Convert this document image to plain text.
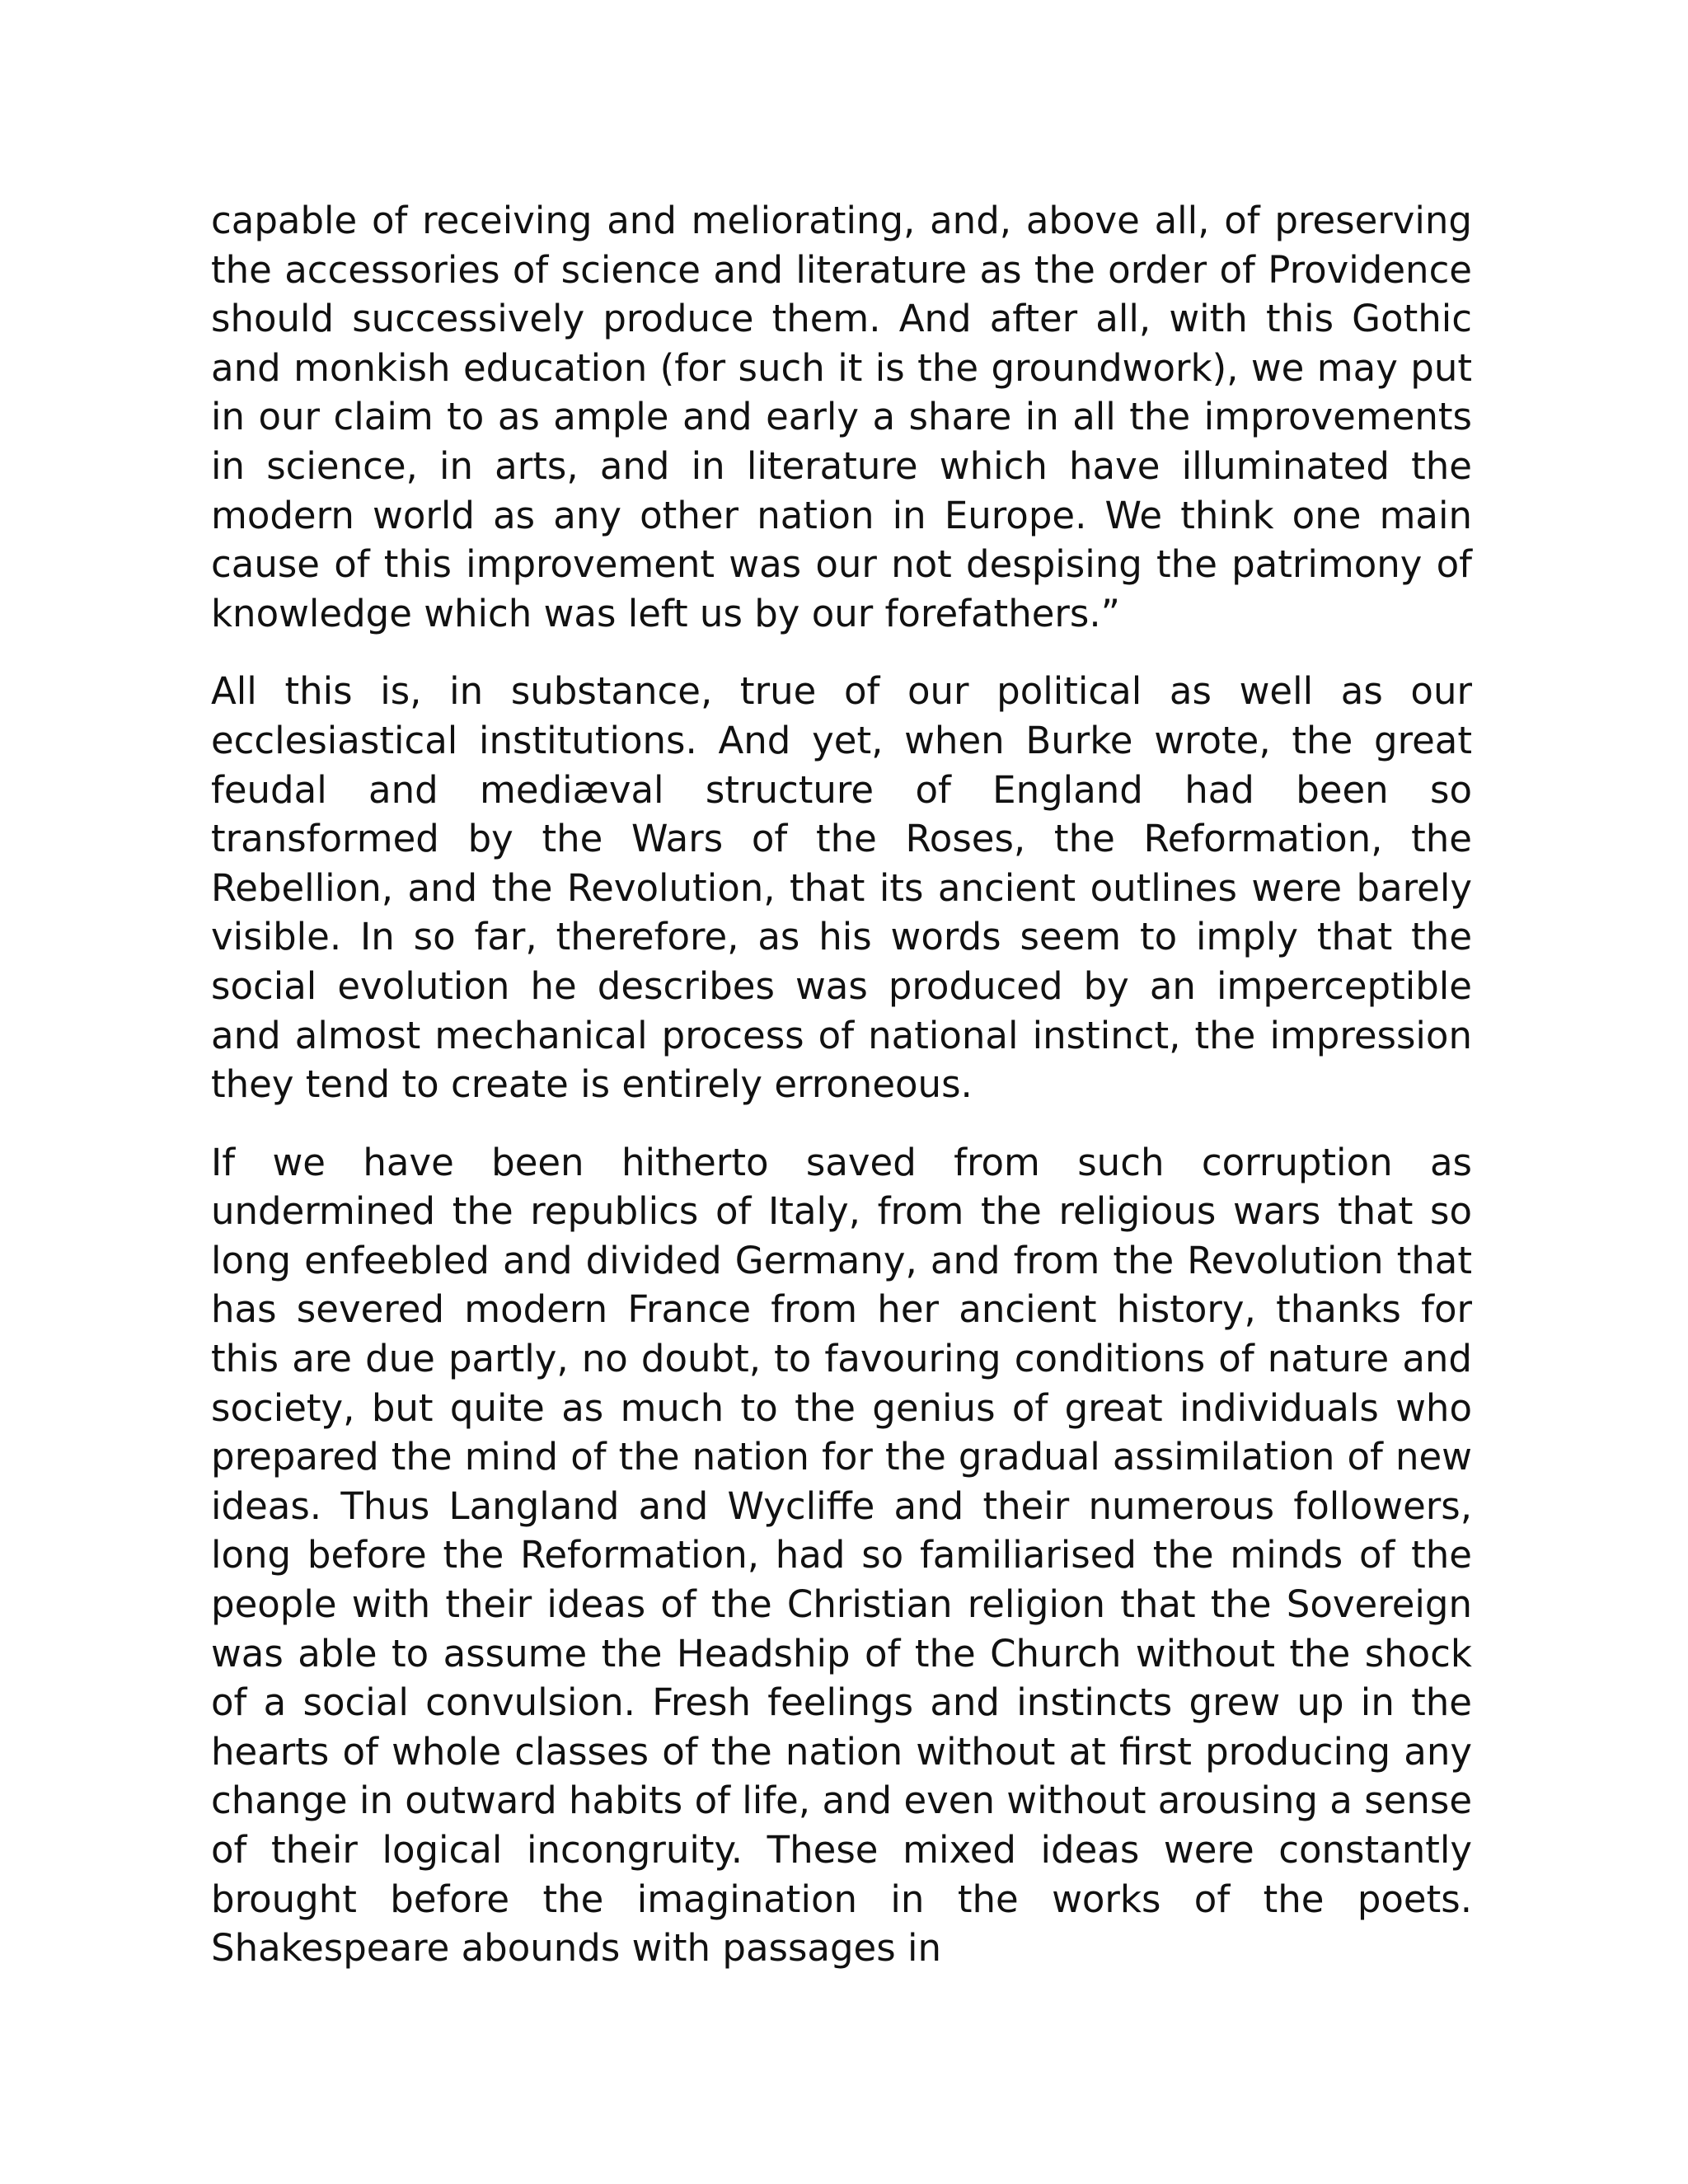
capable of receiving and meliorating, and, above all, of preserving the accessories of science and literature as the order of Providence should successively produce them. And after all, with this Gothic and monkish education (for such it is the groundwork), we may put in our claim to as ample and early a share in all the improvements in science, in arts, and in literature which have illuminated the modern world as any other nation in Europe. We think one main cause of this improvement was our not despising the patrimony of knowledge which was left us by our forefathers.”

All this is, in substance, true of our political as well as our ecclesiastical institutions. And yet, when Burke wrote, the great feudal and mediæval structure of England had been so transformed by the Wars of the Roses, the Reformation, the Rebellion, and the Revolution, that its ancient outlines were barely visible. In so far, therefore, as his words seem to imply that the social evolution he describes was produced by an imperceptible and almost mechanical process of national instinct, the impression they tend to create is entirely erroneous.

If we have been hitherto saved from such corruption as undermined the republics of Italy, from the religious wars that so long enfeebled and divided Germany, and from the Revolution that has severed modern France from her ancient history, thanks for this are due partly, no doubt, to favouring conditions of nature and society, but quite as much to the genius of great individuals who prepared the mind of the nation for the gradual assimilation of new ideas. Thus Langland and Wycliffe and their numerous followers, long before the Reformation, had so familiarised the minds of the people with their ideas of the Christian religion that the Sovereign was able to assume the Headship of the Church without the shock of a social convulsion. Fresh feelings and instincts grew up in the hearts of whole classes of the nation without at first producing any change in outward habits of life, and even without arousing a sense of their logical incongruity. These mixed ideas were constantly brought before the imagination in the works of the poets. Shakespeare abounds with passages in
